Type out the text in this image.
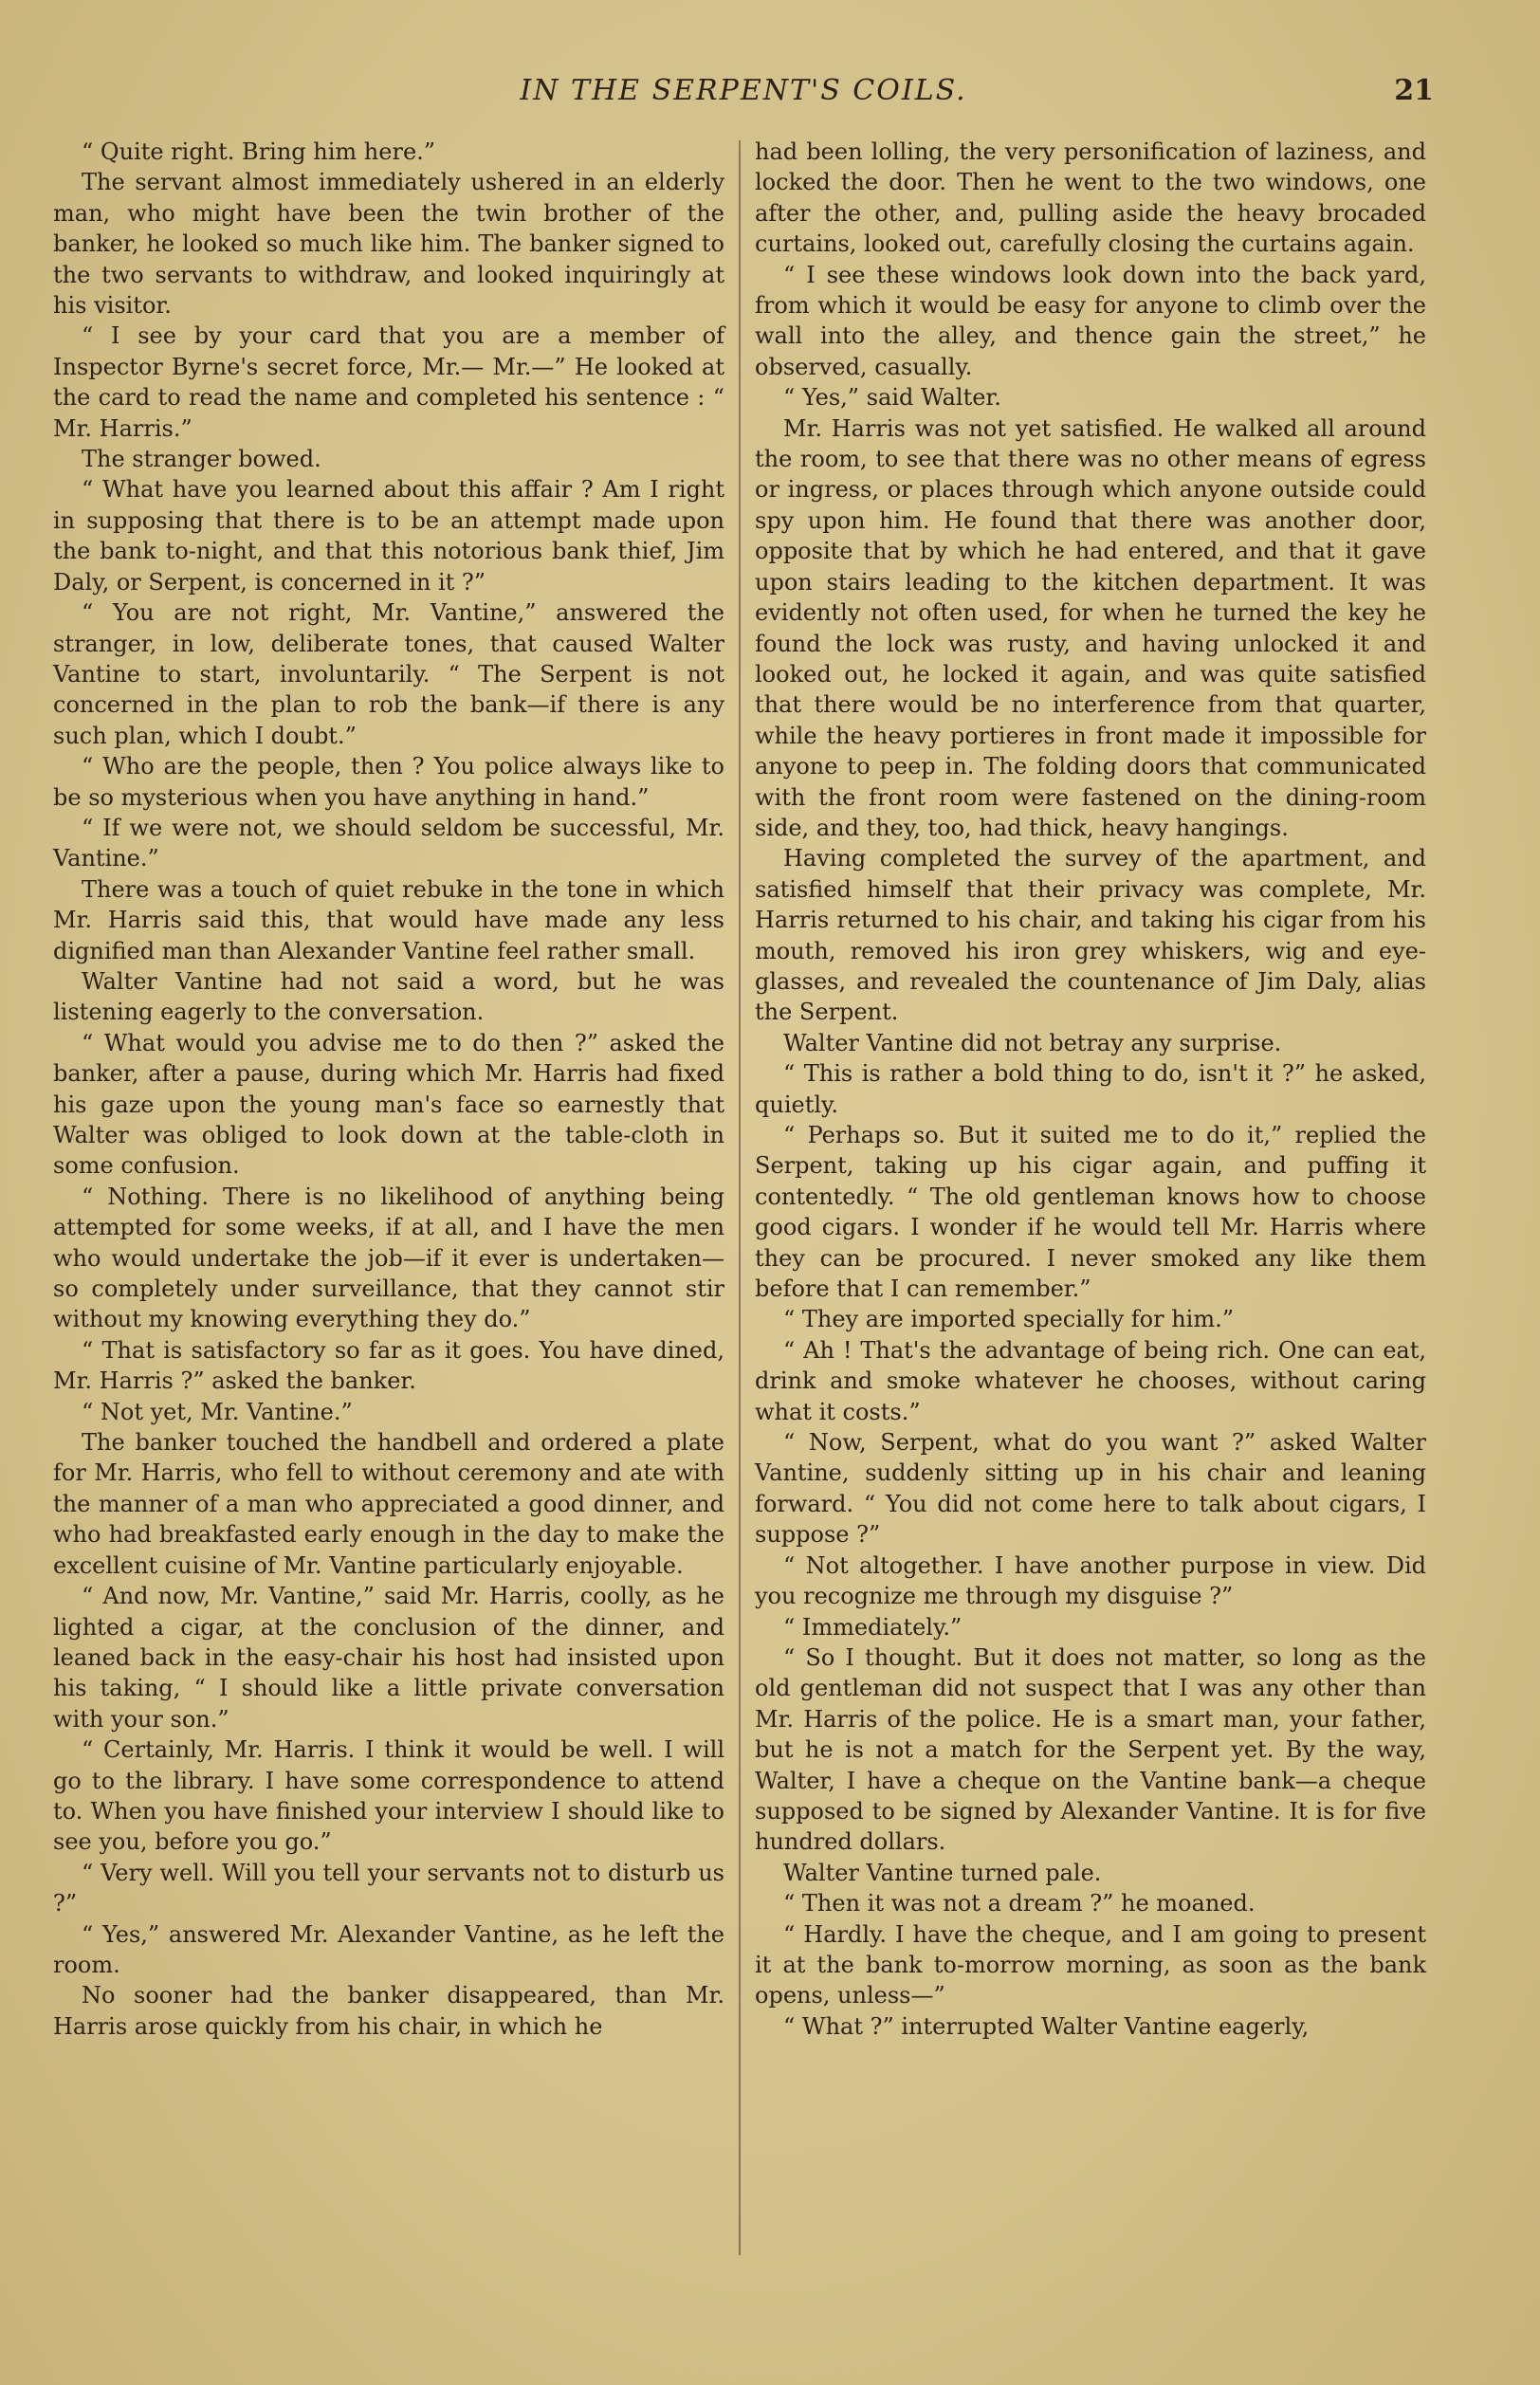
IN THE SERPENT'S COILS.	21

“ Quite right. Bring him here.”

The servant almost immediately ushered in an elderly man, who might have been the twin brother of the banker, he looked so much like him. The banker signed to the two servants to withdraw, and looked inquiringly at his visitor.

“ I see by your card that you are a member of Inspector Byrne's secret force, Mr.— Mr.—” He looked at the card to read the name and completed his sentence : “ Mr. Harris.”

The stranger bowed.

“ What have you learned about this affair ? Am I right in supposing that there is to be an attempt made upon the bank to-night, and that this notorious bank thief, Jim Daly, or Serpent, is concerned in it ?”

“ You are not right, Mr. Vantine,” answered the stranger, in low, deliberate tones, that caused Walter Vantine to start, involuntarily. “ The Serpent is not concerned in the plan to rob the bank—if there is any such plan, which I doubt.”

“ Who are the people, then ? You police always like to be so mysterious when you have anything in hand.”

“ If we were not, we should seldom be successful, Mr. Vantine.”

There was a touch of quiet rebuke in the tone in which Mr. Harris said this, that would have made any less dignified man than Alexander Vantine feel rather small.

Walter Vantine had not said a word, but he was listening eagerly to the conversation.

“ What would you advise me to do then ?” asked the banker, after a pause, during which Mr. Harris had fixed his gaze upon the young man's face so earnestly that Walter was obliged to look down at the table-cloth in some confusion.

“ Nothing. There is no likelihood of anything being attempted for some weeks, if at all, and I have the men who would undertake the job—if it ever is undertaken—so completely under surveillance, that they cannot stir without my knowing everything they do.”

“ That is satisfactory so far as it goes. You have dined, Mr. Harris ?” asked the banker.

“ Not yet, Mr. Vantine.”

The banker touched the handbell and ordered a plate for Mr. Harris, who fell to without ceremony and ate with the manner of a man who appreciated a good dinner, and who had breakfasted early enough in the day to make the excellent cuisine of Mr. Vantine particularly enjoyable.

“ And now, Mr. Vantine,” said Mr. Harris, coolly, as he lighted a cigar, at the conclusion of the dinner, and leaned back in the easy-chair his host had insisted upon his taking, “ I should like a little private conversation with your son.”

“ Certainly, Mr. Harris. I think it would be well. I will go to the library. I have some correspondence to attend to. When you have finished your interview I should like to see you, before you go.”

“ Very well. Will you tell your servants not to disturb us ?”

“ Yes,” answered Mr. Alexander Vantine, as he left the room.

No sooner had the banker disappeared, than Mr. Harris arose quickly from his chair, in which he

had been lolling, the very personification of laziness, and locked the door. Then he went to the two windows, one after the other, and, pulling aside the heavy brocaded curtains, looked out, carefully closing the curtains again.

“ I see these windows look down into the back yard, from which it would be easy for anyone to climb over the wall into the alley, and thence gain the street,” he observed, casually.

“ Yes,” said Walter.

Mr. Harris was not yet satisfied. He walked all around the room, to see that there was no other means of egress or ingress, or places through which anyone outside could spy upon him. He found that there was another door, opposite that by which he had entered, and that it gave upon stairs leading to the kitchen department. It was evidently not often used, for when he turned the key he found the lock was rusty, and having unlocked it and looked out, he locked it again, and was quite satisfied that there would be no interference from that quarter, while the heavy portieres in front made it impossible for anyone to peep in. The folding doors that communicated with the front room were fastened on the dining-room side, and they, too, had thick, heavy hangings.

Having completed the survey of the apartment, and satisfied himself that their privacy was complete, Mr. Harris returned to his chair, and taking his cigar from his mouth, removed his iron grey whiskers, wig and eye-glasses, and revealed the countenance of Jim Daly, alias the Serpent.

Walter Vantine did not betray any surprise.

“ This is rather a bold thing to do, isn't it ?” he asked, quietly.

“ Perhaps so. But it suited me to do it,” replied the Serpent, taking up his cigar again, and puffing it contentedly. “ The old gentleman knows how to choose good cigars. I wonder if he would tell Mr. Harris where they can be procured. I never smoked any like them before that I can remember.”

“ They are imported specially for him.”

“ Ah ! That's the advantage of being rich. One can eat, drink and smoke whatever he chooses, without caring what it costs.”

“ Now, Serpent, what do you want ?” asked Walter Vantine, suddenly sitting up in his chair and leaning forward. “ You did not come here to talk about cigars, I suppose ?”

“ Not altogether. I have another purpose in view. Did you recognize me through my disguise ?”

“ Immediately.”

“ So I thought. But it does not matter, so long as the old gentleman did not suspect that I was any other than Mr. Harris of the police. He is a smart man, your father, but he is not a match for the Serpent yet. By the way, Walter, I have a cheque on the Vantine bank—a cheque supposed to be signed by Alexander Vantine. It is for five hundred dollars.

Walter Vantine turned pale.

“ Then it was not a dream ?” he moaned.

“ Hardly. I have the cheque, and I am going to present it at the bank to-morrow morning, as soon as the bank opens, unless—”

“ What ?” interrupted Walter Vantine eagerly,
